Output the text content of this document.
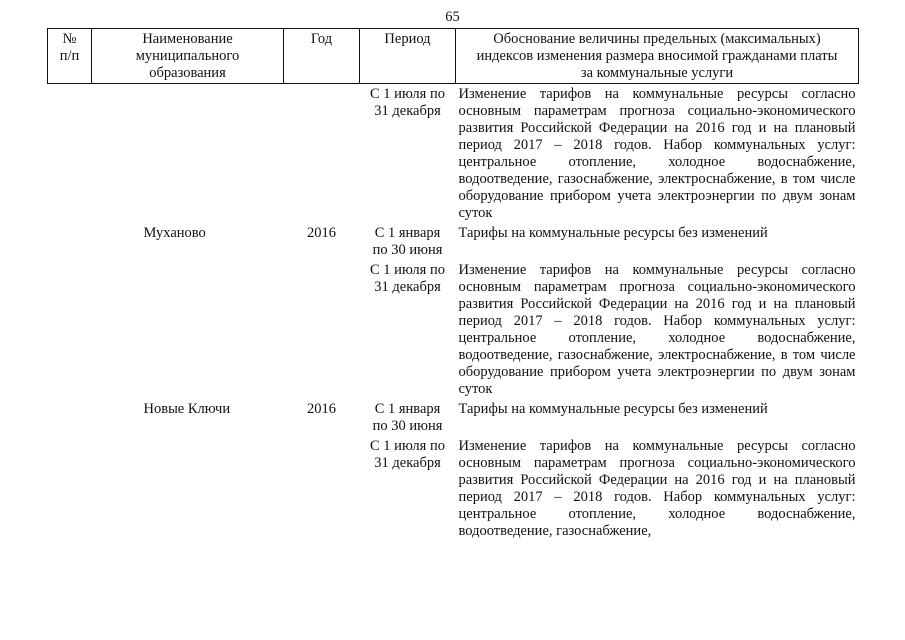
65
№
п/п	Наименование
муниципального
образования	Год	Период	Обоснование величины предельных (максимальных)
индексов изменения размера вносимой гражданами платы
за коммунальные услуги
			С 1 июля по
31 декабря	Изменение тарифов на коммунальные ресурсы согласно основным параметрам прогноза социально-экономического развития Российской Федерации на 2016 год и на плановый период 2017 – 2018 годов. Набор коммунальных услуг: центральное отопление, холодное водоснабжение, водоотведение, газоснабжение, электроснабжение, в том числе оборудование прибором учета электроэнергии по двум зонам суток
	Муханово	2016	С 1 января
по 30 июня	Тарифы на коммунальные ресурсы без изменений
			С 1 июля по
31 декабря	Изменение тарифов на коммунальные ресурсы согласно основным параметрам прогноза социально-экономического развития Российской Федерации на 2016 год и на плановый период 2017 – 2018 годов. Набор коммунальных услуг: центральное отопление, холодное водоснабжение, водоотведение, газоснабжение, электроснабжение, в том числе оборудование прибором учета электроэнергии по двум зонам суток
	Новые Ключи	2016	С 1 января
по 30 июня	Тарифы на коммунальные ресурсы без изменений
			С 1 июля по
31 декабря	Изменение тарифов на коммунальные ресурсы согласно основным параметрам прогноза социально-экономического развития Российской Федерации на 2016 год и на плановый период 2017 – 2018 годов. Набор коммунальных услуг: центральное отопление, холодное водоснабжение, водоотведение, газоснабжение,
